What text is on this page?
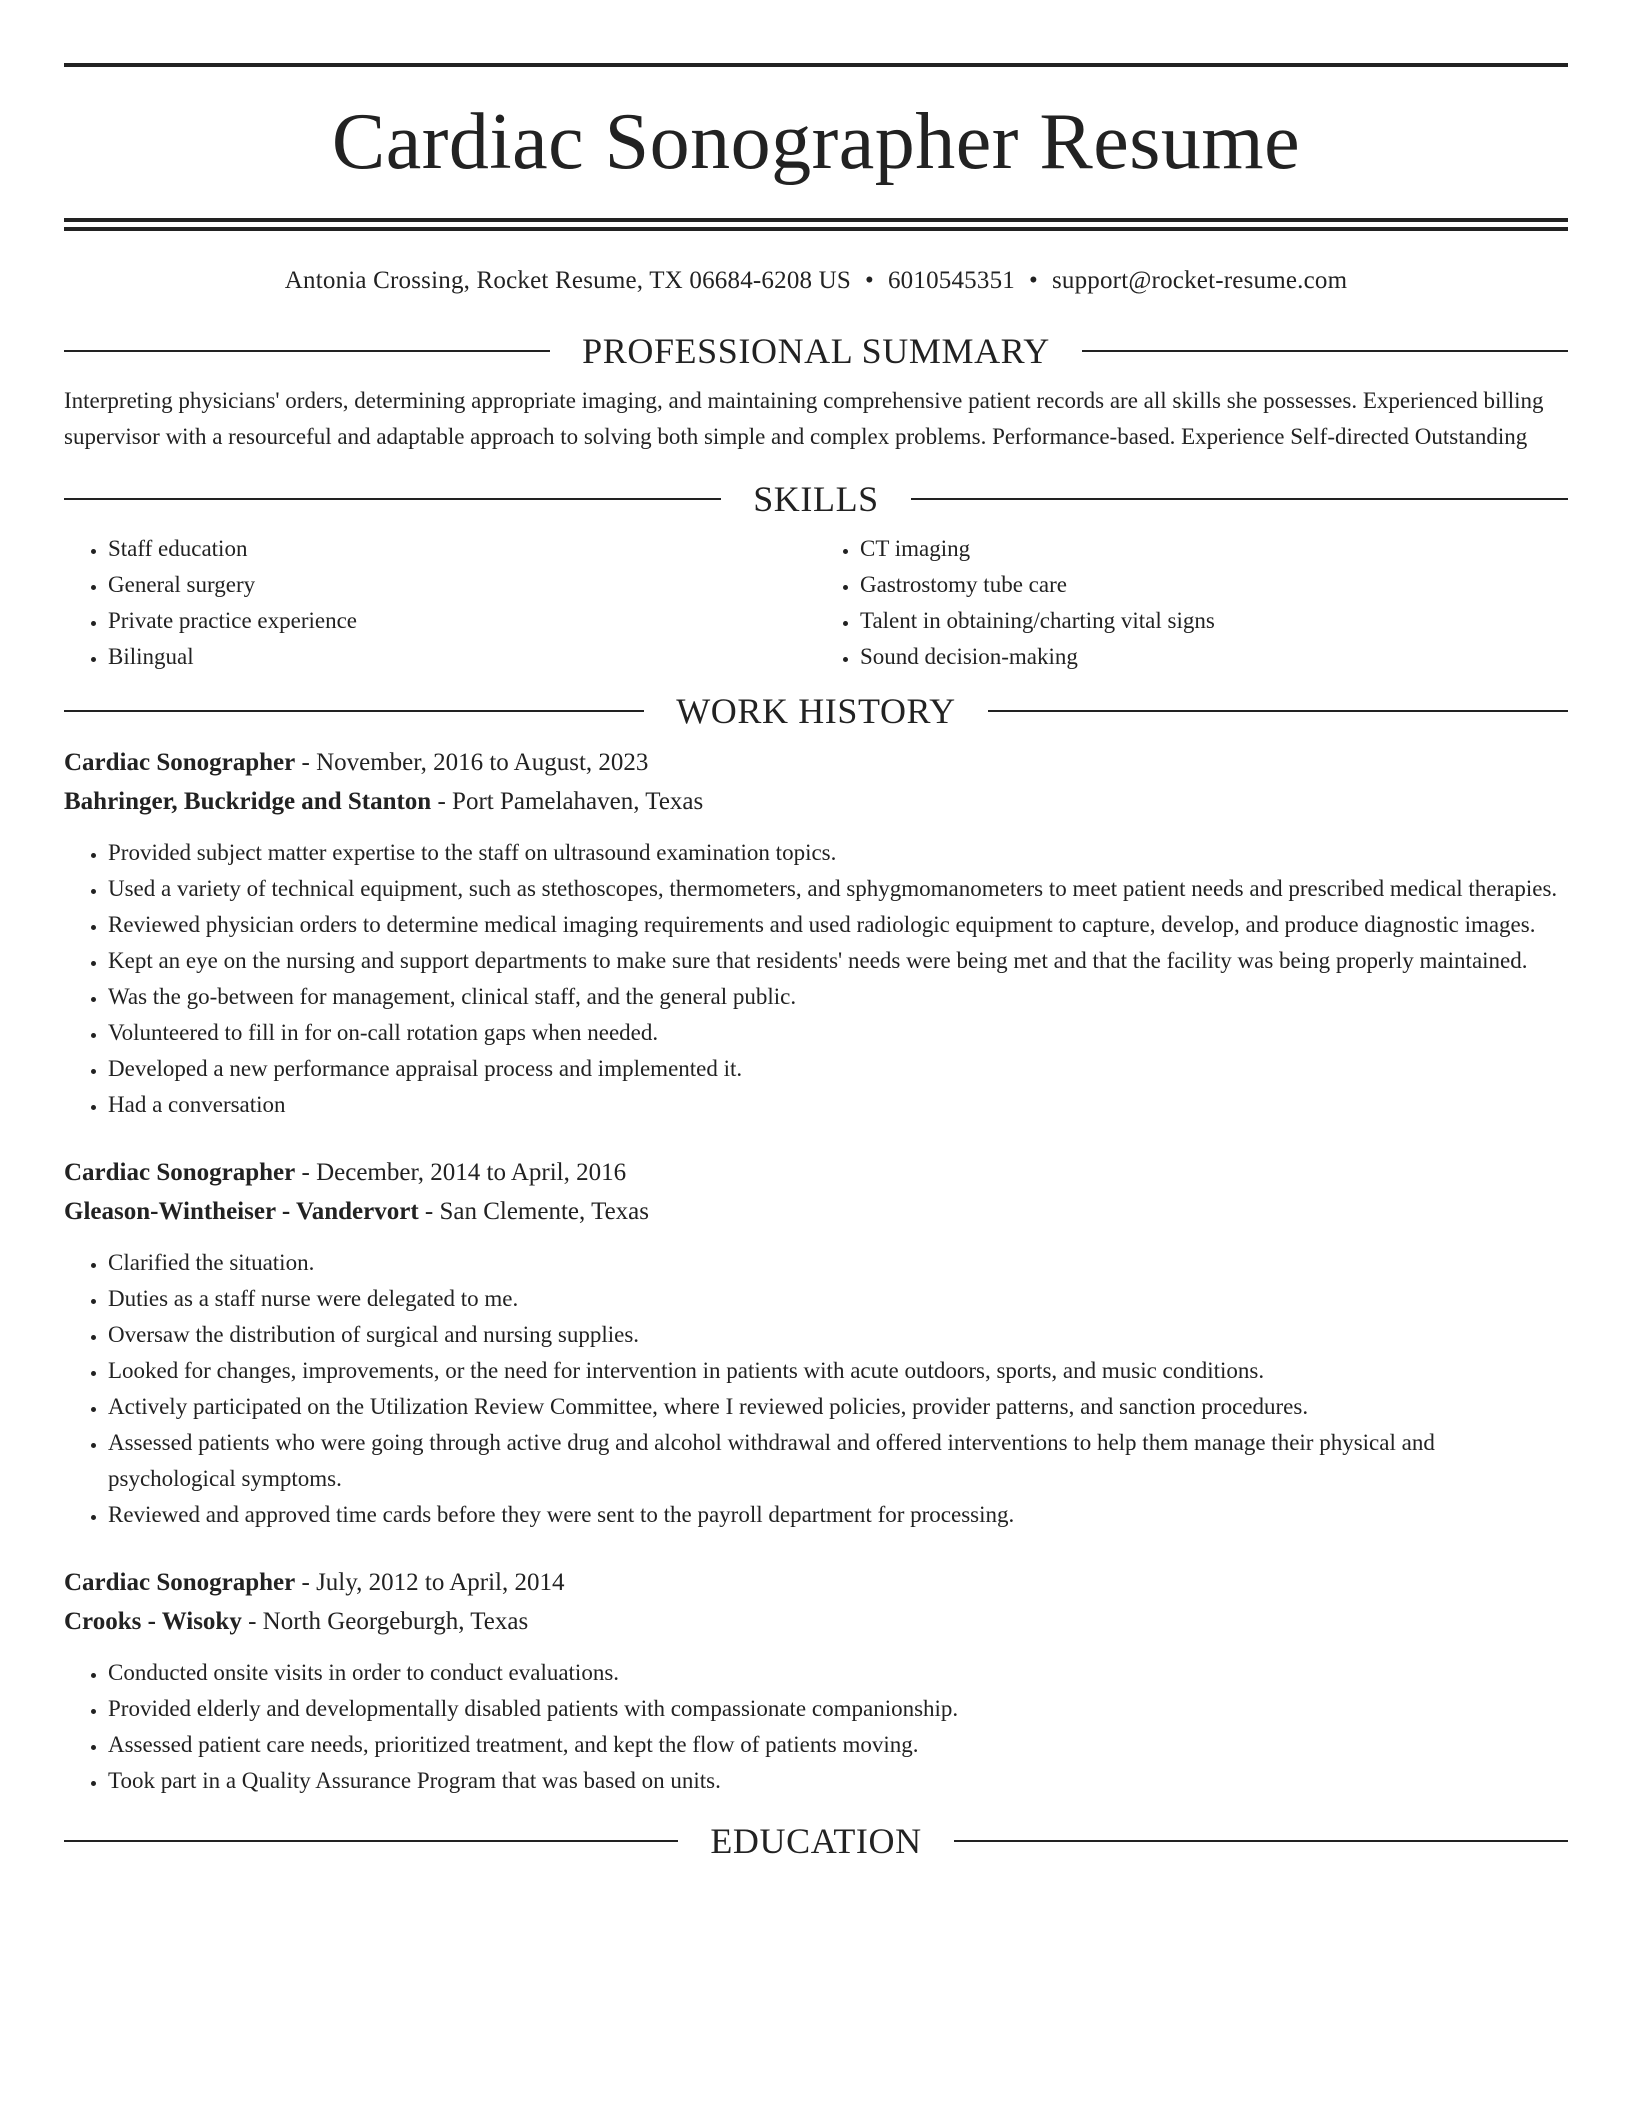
Cardiac Sonographer Resume
Antonia Crossing, Rocket Resume, TX 06684-6208 US • 6010545351 • support@rocket-resume.com
PROFESSIONAL SUMMARY

Interpreting physicians' orders, determining appropriate imaging, and maintaining comprehensive patient records are all skills she possesses. Experienced billing supervisor with a resourceful and adaptable approach to solving both simple and complex problems. Performance-based. Experience Self-directed Outstanding

SKILLS
• Staff education
• General surgery
• Private practice experience
• Bilingual
• CT imaging
• Gastrostomy tube care
• Talent in obtaining/charting vital signs
• Sound decision-making
WORK HISTORY
Cardiac Sonographer - November, 2016 to August, 2023
Bahringer, Buckridge and Stanton - Port Pamelahaven, Texas
• Provided subject matter expertise to the staff on ultrasound examination topics.
• Used a variety of technical equipment, such as stethoscopes, thermometers, and sphygmomanometers to meet patient needs and prescribed medical therapies.
• Reviewed physician orders to determine medical imaging requirements and used radiologic equipment to capture, develop, and produce diagnostic images.
• Kept an eye on the nursing and support departments to make sure that residents' needs were being met and that the facility was being properly maintained.
• Was the go-between for management, clinical staff, and the general public.
• Volunteered to fill in for on-call rotation gaps when needed.
• Developed a new performance appraisal process and implemented it.
• Had a conversation
Cardiac Sonographer - December, 2014 to April, 2016
Gleason-Wintheiser - Vandervort - San Clemente, Texas
• Clarified the situation.
• Duties as a staff nurse were delegated to me.
• Oversaw the distribution of surgical and nursing supplies.
• Looked for changes, improvements, or the need for intervention in patients with acute outdoors, sports, and music conditions.
• Actively participated on the Utilization Review Committee, where I reviewed policies, provider patterns, and sanction procedures.
• Assessed patients who were going through active drug and alcohol withdrawal and offered interventions to help them manage their physical and psychological symptoms.
• Reviewed and approved time cards before they were sent to the payroll department for processing.
Cardiac Sonographer - July, 2012 to April, 2014
Crooks - Wisoky - North Georgeburgh, Texas
• Conducted onsite visits in order to conduct evaluations.
• Provided elderly and developmentally disabled patients with compassionate companionship.
• Assessed patient care needs, prioritized treatment, and kept the flow of patients moving.
• Took part in a Quality Assurance Program that was based on units.
EDUCATION
